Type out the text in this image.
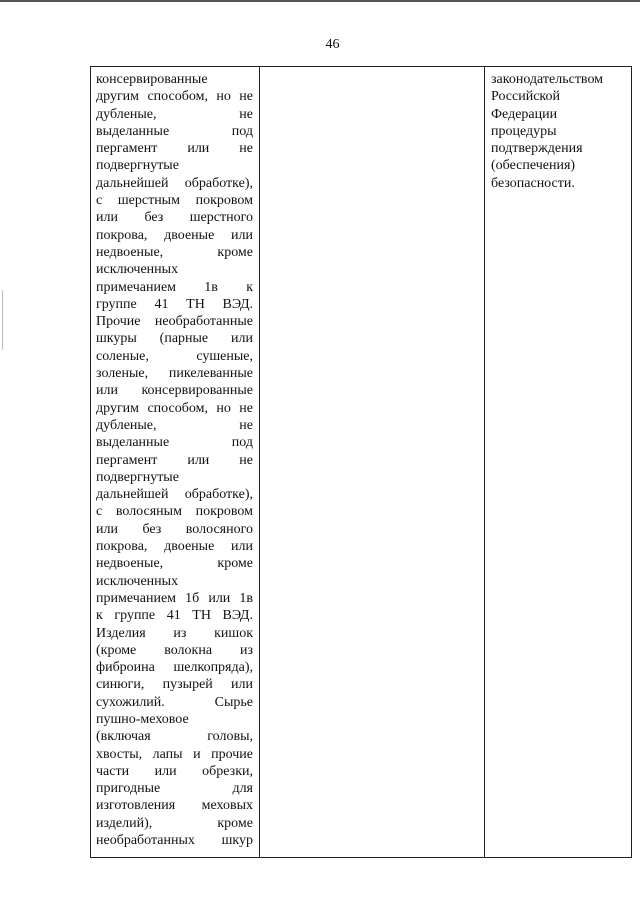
46
консервированные
другим способом, но не
дубленые, не
выделанные под
пергамент или не
подвергнутые
дальнейшей обработке),
с шерстным покровом
или без шерстного
покрова, двоеные или
недвоеные, кроме
исключенных
примечанием 1в к
группе 41 ТН ВЭД.
Прочие необработанные
шкуры (парные или
соленые, сушеные,
золеные, пикелеванные
или консервированные
другим способом, но не
дубленые, не
выделанные под
пергамент или не
подвергнутые
дальнейшей обработке),
с волосяным покровом
или без волосяного
покрова, двоеные или
недвоеные, кроме
исключенных
примечанием 1б или 1в
к группе 41 ТН ВЭД.
Изделия из кишок
(кроме волокна из
фиброина шелкопряда),
синюги, пузырей или
сухожилий. Сырье
пушно-меховое
(включая головы,
хвосты, лапы и прочие
части или обрезки,
пригодные для
изготовления меховых
изделий), кроме
необработанных шкур
законодательством
Российской
Федерации
процедуры
подтверждения
(обеспечения)
безопасности.
